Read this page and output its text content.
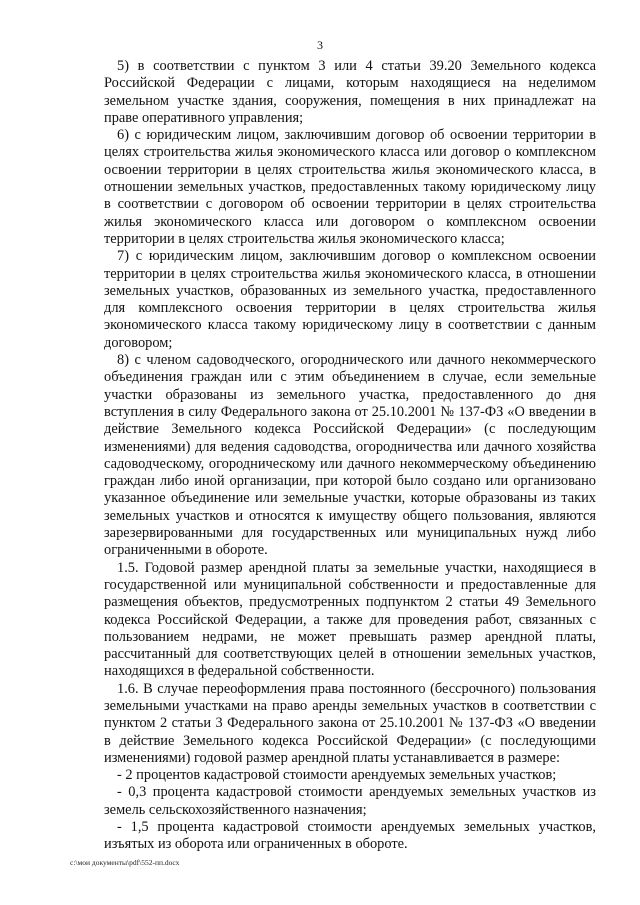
3

5) в соответствии с пунктом 3 или 4 статьи 39.20 Земельного кодекса Российской Федерации с лицами, которым находящиеся на неделимом земельном участке здания, сооружения, помещения в них принадлежат на праве оперативного управления;

6) с юридическим лицом, заключившим договор об освоении территории в целях строительства жилья экономического класса или договор о комплексном освоении территории в целях строительства жилья экономического класса, в отношении земельных участков, предоставленных такому юридическому лицу в соответствии с договором об освоении территории в целях строительства жилья экономического класса или договором о комплексном освоении территории в целях строительства жилья экономического класса;

7) с юридическим лицом, заключившим договор о комплексном освоении территории в целях строительства жилья экономического класса, в отношении земельных участков, образованных из земельного участка, предоставленного для комплексного освоения территории в целях строительства жилья экономического класса такому юридическому лицу в соответствии с данным договором;

8) с членом садоводческого, огороднического или дачного некоммерческого объединения граждан или с этим объединением в случае, если земельные участки образованы из земельного участка, предоставленного до дня вступления в силу Федерального закона от 25.10.2001 № 137-ФЗ «О введении в действие Земельного кодекса Российской Федерации» (с последующим изменениями) для ведения садоводства, огородничества или дачного хозяйства садоводческому, огородническому или дачного некоммерческому объединению граждан либо иной организации, при которой было создано или организовано указанное объединение или земельные участки, которые образованы из таких земельных участков и относятся к имуществу общего пользования, являются зарезервированными для государственных или муниципальных нужд либо ограниченными в обороте.

1.5. Годовой размер арендной платы за земельные участки, находящиеся в государственной или муниципальной собственности и предоставленные для размещения объектов, предусмотренных подпунктом 2 статьи 49 Земельного кодекса Российской Федерации, а также для проведения работ, связанных с пользованием недрами, не может превышать размер арендной платы, рассчитанный для соответствующих целей в отношении земельных участков, находящихся в федеральной собственности.

1.6. В случае переоформления права постоянного (бессрочного) пользования земельными участками на право аренды земельных участков в соответствии с пунктом 2 статьи 3 Федерального закона от 25.10.2001 № 137-ФЗ «О введении в действие Земельного кодекса Российской Федерации» (с последующими изменениями) годовой размер арендной платы устанавливается в размере:

- 2 процентов кадастровой стоимости арендуемых земельных участков;

- 0,3 процента кадастровой стоимости арендуемых земельных участков из земель сельскохозяйственного назначения;

- 1,5 процента кадастровой стоимости арендуемых земельных участков, изъятых из оборота или ограниченных в обороте.

c:\мои документы\pdf\552-пп.docx
